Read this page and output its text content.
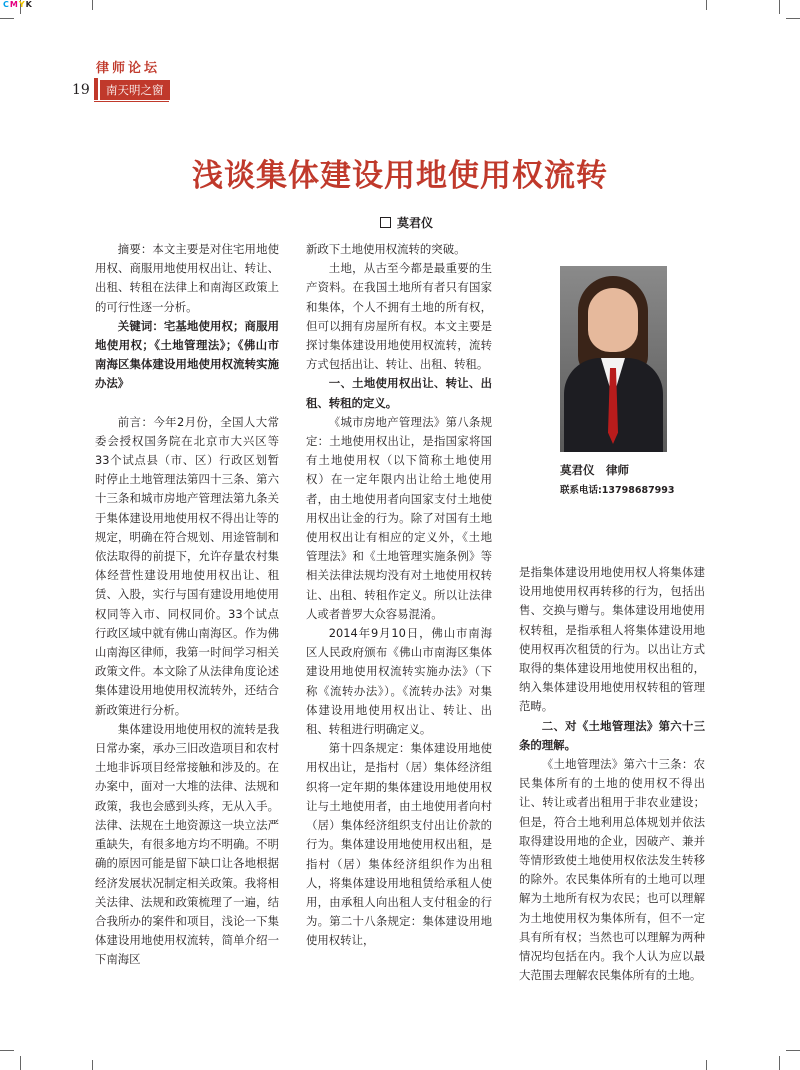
CMYK
律师论坛
19	南天明之窗
浅谈集体建设用地使用权流转
莫君仪

摘要：本文主要是对住宅用地使用权、商服用地使用权出让、转让、出租、转租在法律上和南海区政策上的可行性逐一分析。

关键词：宅基地使用权；商服用地使用权；《土地管理法》；《佛山市南海区集体建设用地使用权流转实施办法》

前言：今年2月份，全国人大常委会授权国务院在北京市大兴区等33个试点县（市、区）行政区划暂时停止土地管理法第四十三条、第六十三条和城市房地产管理法第九条关于集体建设用地使用权不得出让等的规定，明确在符合规划、用途管制和依法取得的前提下，允许存量农村集体经营性建设用地使用权出让、租赁、入股，实行与国有建设用地使用权同等入市、同权同价。33个试点行政区域中就有佛山南海区。作为佛山南海区律师，我第一时间学习相关政策文件。本文除了从法律角度论述集体建设用地使用权流转外，还结合新政策进行分析。

集体建设用地使用权的流转是我日常办案，承办三旧改造项目和农村土地非诉项目经常接触和涉及的。在办案中，面对一大堆的法律、法规和政策，我也会感到头疼，无从入手。法律、法规在土地资源这一块立法严重缺失，有很多地方均不明确。不明确的原因可能是留下缺口让各地根据经济发展状况制定相关政策。我将相关法律、法规和政策梳理了一遍，结合我所办的案件和项目，浅论一下集体建设用地使用权流转，简单介绍一下南海区

新政下土地使用权流转的突破。

土地，从古至今都是最重要的生产资料。在我国土地所有者只有国家和集体，个人不拥有土地的所有权，但可以拥有房屋所有权。本文主要是探讨集体建设用地使用权流转，流转方式包括出让、转让、出租、转租。

一、土地使用权出让、转让、出租、转租的定义。

《城市房地产管理法》第八条规定：土地使用权出让，是指国家将国有土地使用权（以下简称土地使用权）在一定年限内出让给土地使用者，由土地使用者向国家支付土地使用权出让金的行为。除了对国有土地使用权出让有相应的定义外，《土地管理法》和《土地管理实施条例》等相关法律法规均没有对土地使用权转让、出租、转租作定义。所以让法律人或者普罗大众容易混淆。

2014年9月10日，佛山市南海区人民政府颁布《佛山市南海区集体建设用地使用权流转实施办法》（下称《流转办法》）。《流转办法》对集体建设用地使用权出让、转让、出租、转租进行明确定义。

第十四条规定：集体建设用地使用权出让，是指村（居）集体经济组织将一定年期的集体建设用地使用权让与土地使用者，由土地使用者向村（居）集体经济组织支付出让价款的行为。集体建设用地使用权出租，是指村（居）集体经济组织作为出租人，将集体建设用地租赁给承租人使用，由承租人向出租人支付租金的行为。第二十八条规定：集体建设用地使用权转让，

莫君仪　律师
联系电话:13798687993

是指集体建设用地使用权人将集体建设用地使用权再转移的行为，包括出售、交换与赠与。集体建设用地使用权转租，是指承租人将集体建设用地使用权再次租赁的行为。以出让方式取得的集体建设用地使用权出租的，纳入集体建设用地使用权转租的管理范畴。

二、对《土地管理法》第六十三条的理解。

《土地管理法》第六十三条：农民集体所有的土地的使用权不得出让、转让或者出租用于非农业建设；但是，符合土地利用总体规划并依法取得建设用地的企业，因破产、兼并等情形致使土地使用权依法发生转移的除外。农民集体所有的土地可以理解为土地所有权为农民；也可以理解为土地使用权为集体所有，但不一定具有所有权；当然也可以理解为两种情况均包括在内。我个人认为应以最大范围去理解农民集体所有的土地。
